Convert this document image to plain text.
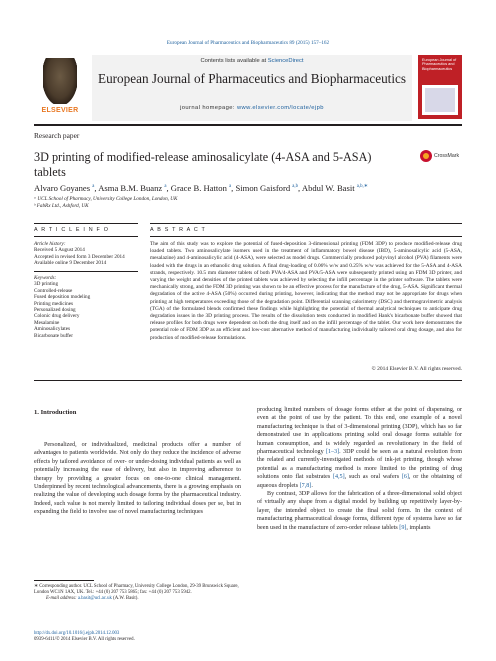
European Journal of Pharmaceutics and Biopharmaceutics 89 (2015) 157–162
ELSEVIER
Contents lists available at ScienceDirect
European Journal of Pharmaceutics and Biopharmaceutics
journal homepage: www.elsevier.com/locate/ejpb
European Journal of Pharmaceutics and Biopharmaceutics
Research paper
3D printing of modified-release aminosalicylate (4-ASA and 5-ASA) tablets
CrossMark
Alvaro Goyanes $^a$, Asma B.M. Buanz $^a$, Grace B. Hatton $^a$, Simon Gaisford $^{a,b}$, Abdul W. Basit $^{a,b,∗}$
ᵃ UCL School of Pharmacy, University College London, London, UK
ᵇ FabRx Ltd., Ashford, UK
A R T I C L E I N F O	A B S T R A C T
Article history:
Received 5 August 2014
Accepted in revised form 3 December 2014
Available online 9 December 2014
Keywords:
3D printing
Controlled-release
Fused deposition modeling
Printing medicines
Personalized dosing
Colonic drug delivery
Mesalamine
Aminosalicylates
Bicarbonate buffer
The aim of this study was to explore the potential of fused-deposition 3-dimensional printing (FDM 3DP) to produce modified-release drug loaded tablets. Two aminosalicylate isomers used in the treatment of inflammatory bowel disease (IBD), 5-aminosalicylic acid (5-ASA, mesalazine) and 4-aminosalicylic acid (4-ASA), were selected as model drugs. Commercially produced polyvinyl alcohol (PVA) filaments were loaded with the drugs in an ethanolic drug solution. A final drug-loading of 0.06% w/w and 0.25% w/w was achieved for the 5-ASA and 4-ASA strands, respectively. 10.5 mm diameter tablets of both PVA/4-ASA and PVA/5-ASA were subsequently printed using an FDM 3D printer, and varying the weight and densities of the printed tablets was achieved by selecting the infill percentage in the printer software. The tablets were mechanically strong, and the FDM 3D printing was shown to be an effective process for the manufacture of the drug, 5-ASA. Significant thermal degradation of the active 4-ASA (50%) occurred during printing, however, indicating that the method may not be appropriate for drugs when printing at high temperatures exceeding those of the degradation point. Differential scanning calorimetry (DSC) and thermogravimetric analysis (TGA) of the formulated blends confirmed these findings while highlighting the potential of thermal analytical techniques to anticipate drug degradation issues in the 3D printing process. The results of the dissolution tests conducted in modified Hank's bicarbonate buffer showed that release profiles for both drugs were dependent on both the drug itself and on the infill percentage of the tablet. Our work here demonstrates the potential role of FDM 3DP as an efficient and low-cost alternative method of manufacturing individually tailored oral drug dosage, and also for production of modified-release formulations.
© 2014 Elsevier B.V. All rights reserved.
1. Introduction
Personalized, or individualized, medicinal products offer a number of advantages to patients worldwide. Not only do they reduce the incidence of adverse effects by tailored avoidance of over- or under-dosing individual patients as well as potentially increasing the ease of delivery, but also in improving adherence to therapy by providing a greater focus on one-to-one clinical management. Underpinned by recent technological advancements, there is a growing emphasis on realizing the value of developing such dosage forms by the pharmaceutical industry. Indeed, such value is not merely limited to tailoring individual doses per se, but in expanding the field to involve use of novel manufacturing techniques
producing limited numbers of dosage forms either at the point of dispensing, or even at the point of use by the patient. To this end, one example of a novel manufacturing technique is that of 3-dimensional printing (3DP), which has so far demonstrated use in applications printing solid oral dosage forms suitable for human consumption, and is widely regarded as revolutionary in the field of pharmaceutical technology [1–3]. 3DP could be seen as a natural evolution from the related and currently-investigated methods of ink-jet printing, though whose potential as a manufacturing method is more limited to the printing of drug solutions onto flat substrates [4,5], such as oral wafers [6], or the obtaining of aqueous droplets [7,8].
By contrast, 3DP allows for the fabrication of a three-dimensional solid object of virtually any shape from a digital model by building up repetitively layer-by-layer, the intended object to create the final solid form. In the context of manufacturing pharmaceutical dosage forms, different type of systems have so far been used in the manufacture of zero-order release tablets [9], implants
∗ Corresponding author. UCL School of Pharmacy, University College London, 29-39 Brunswick Square, London WC1N 1AX, UK. Tel.: +44 (0) 207 753 5865; fax: +44 (0) 207 753 5942.
E-mail address: a.basit@ucl.ac.uk (A.W. Basit).
http://dx.doi.org/10.1016/j.ejpb.2014.12.003
0939-6411/© 2014 Elsevier B.V. All rights reserved.
